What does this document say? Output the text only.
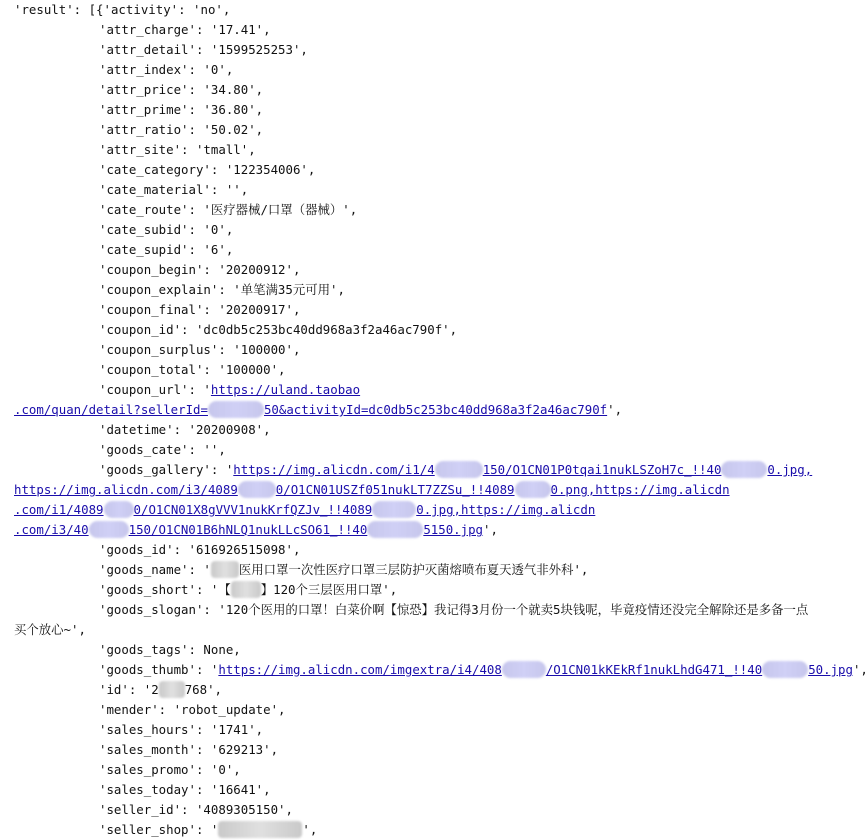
'result': [{'activity': 'no',
'attr_charge': '17.41',
'attr_detail': '1599525253',
'attr_index': '0',
'attr_price': '34.80',
'attr_prime': '36.80',
'attr_ratio': '50.02',
'attr_site': 'tmall',
'cate_category': '122354006',
'cate_material': '',
'cate_route': '医疗器械/口罩（器械）',
'cate_subid': '0',
'cate_supid': '6',
'coupon_begin': '20200912',
'coupon_explain': '单笔满35元可用',
'coupon_final': '20200917',
'coupon_id': 'dc0db5c253bc40dd968a3f2a46ac790f',
'coupon_surplus': '100000',
'coupon_total': '100000',
'coupon_url': 'https://uland.taobao
.com/quan/detail?sellerId=	50&activityId=dc0db5c253bc40dd968a3f2a46ac790f',
'datetime': '20200908',
'goods_cate': '',
'goods_gallery': 'https://img.alicdn.com/i1/4	150/O1CN01P0tqai1nukLSZoH7c_!!40	0.jpg,
https://img.alicdn.com/i3/4089	0/O1CN01USZf051nukLT7ZZSu_!!4089	0.png,https://img.alicdn
.com/i1/4089 0/O1CN01X8gVVV1nukKrfQZJv_!!4089	0.jpg,https://img.alicdn
.com/i3/40	150/O1CN01B6hNLQ1nukLLcSO61_!!40	5150.jpg',
'goods_id': '616926515098',
'goods_name': ' 医用口罩一次性医疗口罩三层防护灭菌熔喷布夏天透气非外科',
'goods_short': '【 】120个三层医用口罩',
'goods_slogan': '120个医用的口罩！白菜价啊【惊恐】我记得3月份一个就卖5块钱呢，毕竟疫情还没完全解除还是多备一点
买个放心~',
'goods_tags': None,
'goods_thumb': 'https://img.alicdn.com/imgextra/i4/408	/O1CN01kKEkRf1nukLhdG471_!!40	50.jpg',
'id': '2 768',
'mender': 'robot_update',
'sales_hours': '1741',
'sales_month': '629213',
'sales_promo': '0',
'sales_today': '16641',
'seller_id': '4089305150',
'seller_shop': '	',
